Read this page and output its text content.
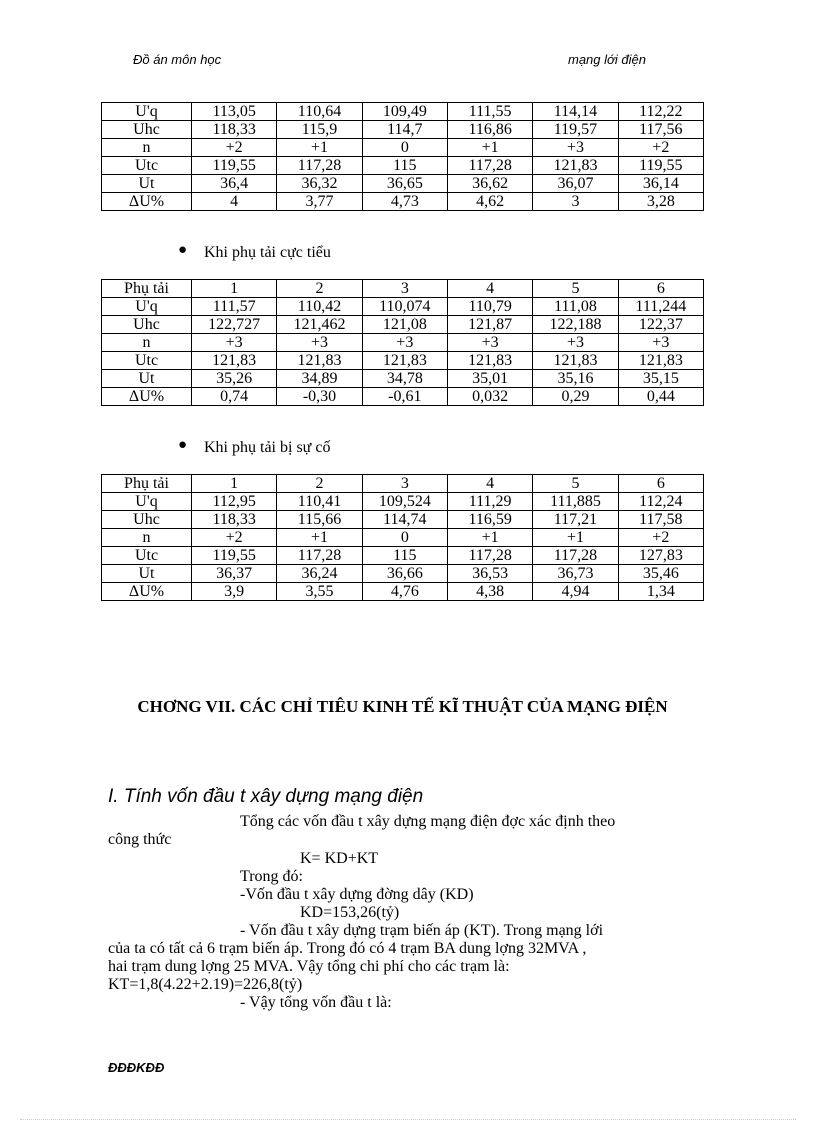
Đồ án môn học	mạng lới điện
U'q	113,05	110,64	109,49	111,55	114,14	112,22
Uhc	118,33	115,9	114,7	116,86	119,57	117,56
n	+2	+1	0	+1	+3	+2
Utc	119,55	117,28	115	117,28	121,83	119,55
Ut	36,4	36,32	36,65	36,62	36,07	36,14
ΔU%	4	3,77	4,73	4,62	3	3,28
● Khi phụ tải cực tiểu
Phụ tải	1	2	3	4	5	6
U'q	111,57	110,42	110,074	110,79	111,08	111,244
Uhc	122,727	121,462	121,08	121,87	122,188	122,37
n	+3	+3	+3	+3	+3	+3
Utc	121,83	121,83	121,83	121,83	121,83	121,83
Ut	35,26	34,89	34,78	35,01	35,16	35,15
ΔU%	0,74	-0,30	-0,61	0,032	0,29	0,44
● Khi phụ tải bị sự cố
Phụ tải	1	2	3	4	5	6
U'q	112,95	110,41	109,524	111,29	111,885	112,24
Uhc	118,33	115,66	114,74	116,59	117,21	117,58
n	+2	+1	0	+1	+1	+2
Utc	119,55	117,28	115	117,28	117,28	127,83
Ut	36,37	36,24	36,66	36,53	36,73	35,46
ΔU%	3,9	3,55	4,76	4,38	4,94	1,34
CHƠNG VII. CÁC CHỈ TIÊU KINH TẾ KĨ THUẬT CỦA MẠNG ĐIỆN
I. Tính vốn đầu t xây dựng mạng điện
Tổng các vốn đầu t xây dựng mạng điện đợc xác định theo
công thức
K= KD+KT
Trong đó:
-Vốn đầu t xây dựng đờng dây (KD)
KD=153,26(tỷ)
- Vốn đầu t xây dựng trạm biến áp (KT). Trong mạng lới
của ta có tất cả 6 trạm biến áp. Trong đó có 4 trạm BA dung lợng 32MVA ,
hai trạm dung lợng 25 MVA. Vậy tổng chi phí cho các trạm là:
KT=1,8(4.22+2.19)=226,8(tỷ)
- Vậy tổng vốn đầu t là:
ĐĐĐKĐĐ
